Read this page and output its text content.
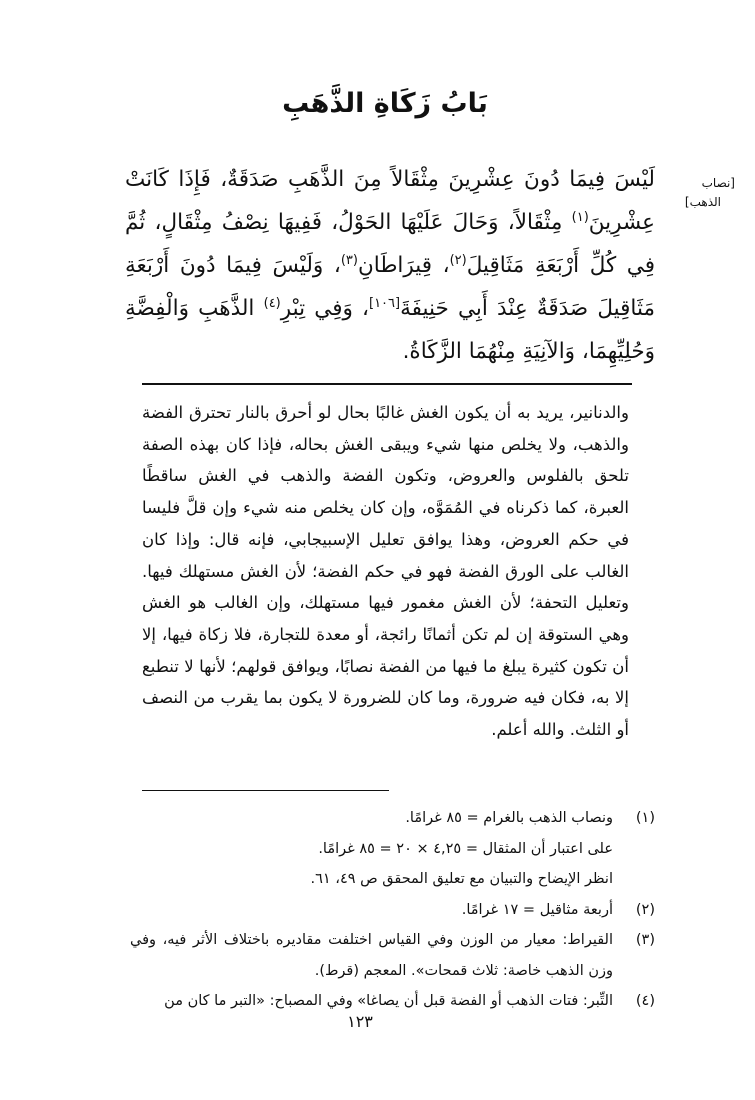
بَابُ زَكَاةِ الذَّهَبِ
[نصاب
الذهب]
لَيْسَ فِيمَا دُونَ عِشْرِينَ مِثْقَالاً مِنَ الذَّهَبِ صَدَقَةٌ، فَإِذَا كَانَتْ عِشْرِينَ$^{(١)}$ مِثْقَالاً، وَحَالَ عَلَيْهَا الحَوْلُ، فَفِيهَا نِصْفُ مِثْقَالٍ، ثُمَّ فِي كُلِّ أَرْبَعَةِ مَثَاقِيلَ$^{(٢)}$، قِيرَاطَانِ$^{(٣)}$، وَلَيْسَ فِيمَا دُونَ أَرْبَعَةِ مَثَاقِيلَ صَدَقَةٌ عِنْدَ أَبِي حَنِيفَةَ[١٠٦]، وَفِي تِبْرِ$^{(٤)}$ الذَّهَبِ وَالْفِضَّةِ وَحُلِيِّهِمَا، وَالآنِيَةِ مِنْهُمَا الزَّكَاةُ.
والدنانير، يريد به أن يكون الغش غالبًا بحال لو أحرق بالنار تحترق الفضة والذهب، ولا يخلص منها شيء ويبقى الغش بحاله، فإذا كان بهذه الصفة تلحق بالفلوس والعروض، وتكون الفضة والذهب في الغش ساقطًا العبرة، كما ذكرناه في المُمَوَّه، وإن كان يخلص منه شيء وإن قلَّ فليسا في حكم العروض، وهذا يوافق تعليل الإسبيجابي، فإنه قال: وإذا كان الغالب على الورق الفضة فهو في حكم الفضة؛ لأن الغش مستهلك فيها. وتعليل التحفة؛ لأن الغش مغمور فيها مستهلك، وإن الغالب هو الغش وهي الستوقة إن لم تكن أثمانًا رائجة، أو معدة للتجارة، فلا زكاة فيها، إلا أن تكون كثيرة يبلغ ما فيها من الفضة نصابًا، ويوافق قولهم؛ لأنها لا تنطبع إلا به، فكان فيه ضرورة، وما كان للضرورة لا يكون بما يقرب من النصف أو الثلث. والله أعلم.
(١)
ونصاب الذهب بالغرام = ٨٥ غرامًا.
على اعتبار أن المثقال = ٤,٢٥ × ٢٠ = ٨٥ غرامًا.
انظر الإيضاح والتبيان مع تعليق المحقق ص ٤٩، ٦١.
(٢)
أربعة مثاقيل = ١٧ غرامًا.
(٣)
القيراط: معيار من الوزن وفي القياس اختلفت مقاديره باختلاف الأثر فيه، وفي وزن الذهب خاصة: ثلاث قمحات». المعجم (قرط).
(٤)
التِّبر: فتات الذهب أو الفضة قبل أن يصاغا» وفي المصباح: «التبر ما كان من
١٢٣
